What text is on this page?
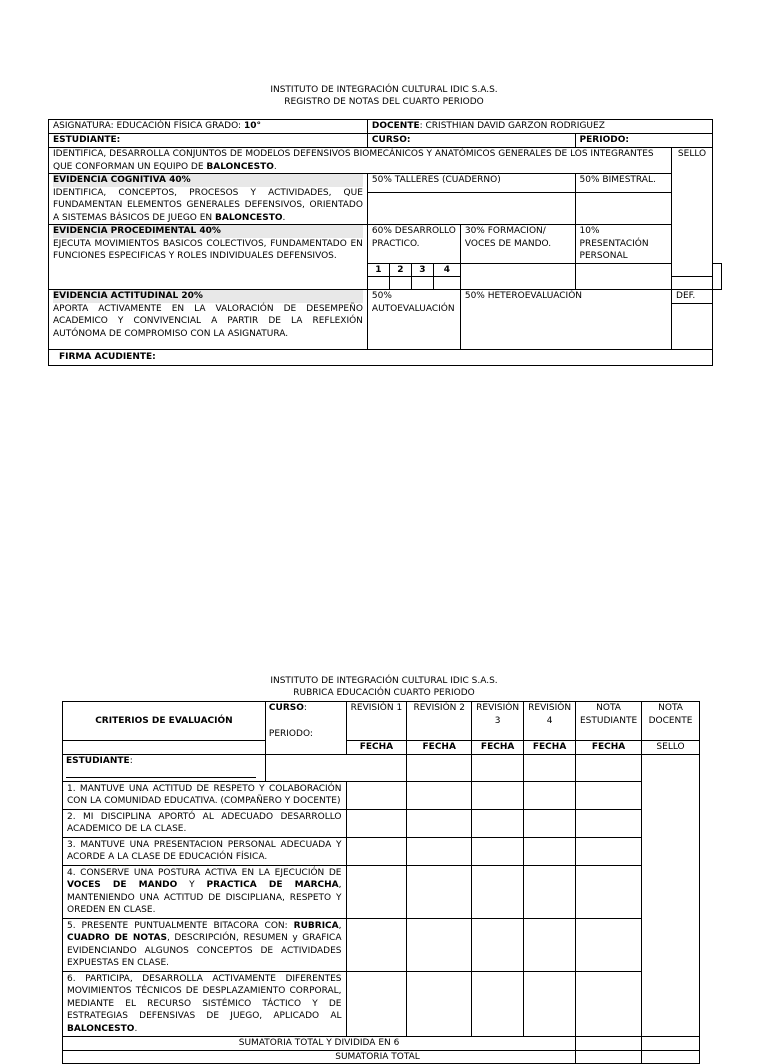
INSTITUTO DE INTEGRACIÓN CULTURAL IDIC S.A.S.
REGISTRO DE NOTAS DEL CUARTO PERIODO
ASIGNATURA: EDUCACIÓN FÍSICA GRADO: 10°	DOCENTE: CRISTHIAN DAVID GARZON RODRIGUEZ							
ESTUDIANTE:	CURSO:					PERIODO:		
IDENTIFICA, DESARROLLA CONJUNTOS DE MODELOS DEFENSIVOS BIOMECÁNICOS Y ANATÓMICOS GENERALES DE LOS INTEGRANTES QUE CONFORMAN UN EQUIPO DE BALONCESTO.							SELLO	

EVIDENCIA COGNITIVA 40%
IDENTIFICA, CONCEPTOS, PROCESOS Y ACTIVIDADES, QUE FUNDAMENTAN ELEMENTOS GENERALES DEFENSIVOS, ORIENTADO A SISTEMAS BÁSICOS DE JUEGO EN BALONCESTO.	50% TALLERES (CUADERNO)					50% BIMESTRAL.		

EVIDENCIA PROCEDIMENTAL 40%
EJECUTA MOVIMIENTOS BASICOS COLECTIVOS, FUNDAMENTADO EN FUNCIONES ESPECIFICAS Y ROLES INDIVIDUALES DEFENSIVOS.	60% DESARROLLO PRACTICO.				30% FORMACION/ VOCES DE MANDO.	10% PRESENTACIÓN PERSONAL		
	1	2	3	4				

EVIDENCIA ACTITUDINAL 20%
APORTA ACTIVAMENTE EN LA VALORACIÓN DE DESEMPEÑO ACADEMICO Y CONVIVENCIAL A PARTIR DE LA REFLEXIÓN AUTÓNOMA DE COMPROMISO CON LA ASIGNATURA.	50% AUTOEVALUACIÓN				50% HETEROEVALUACIÓN		DEF.	

FIRMA ACUDIENTE:								
INSTITUTO DE INTEGRACIÓN CULTURAL IDIC S.A.S.
RUBRICA EDUCACIÓN CUARTO PERIODO
CRITERIOS DE EVALUACIÓN	CURSO:
PERIODO:	REVISIÓN 1	REVISIÓN 2	REVISIÓN 3	REVISIÓN 4	NOTA ESTUDIANTE	NOTA DOCENTE
		FECHA	FECHA	FECHA	FECHA	FECHA	SELLO

ESTUDIANTE:							

1. MANTUVE UNA ACTITUD DE RESPETO Y COLABORACIÓN CON LA COMUNIDAD EDUCATIVA. (COMPAÑERO Y DOCENTE)							
2. MI DISCIPLINA APORTÓ AL ADECUADO DESARROLLO ACADEMICO DE LA CLASE.							
3. MANTUVE UNA PRESENTACION PERSONAL ADECUADA Y ACORDE A LA CLASE DE EDUCACIÓN FÍSICA.							
4. CONSERVE UNA POSTURA ACTIVA EN LA EJECUCIÓN DE VOCES DE MANDO Y PRACTICA DE MARCHA, MANTENIENDO UNA ACTITUD DE DISCIPLIANA, RESPETO Y OREDEN EN CLASE.							
5. PRESENTE PUNTUALMENTE BITACORA CON: RUBRICA, CUADRO DE NOTAS, DESCRIPCIÓN, RESUMEN y GRAFICA EVIDENCIANDO ALGUNOS CONCEPTOS DE ACTIVIDADES EXPUESTAS EN CLASE.							
6. PARTICIPA, DESARROLLA ACTIVAMENTE DIFERENTES MOVIMIENTOS TÉCNICOS DE DESPLAZAMIENTO CORPORAL, MEDIANTE EL RECURSO SISTÉMICO TÁCTICO Y DE ESTRATEGIAS DEFENSIVAS DE JUEGO, APLICADO AL BALONCESTO.							
SUMATORIA TOTAL Y DIVIDIDA EN 6							
SUMATORIA TOTAL							
